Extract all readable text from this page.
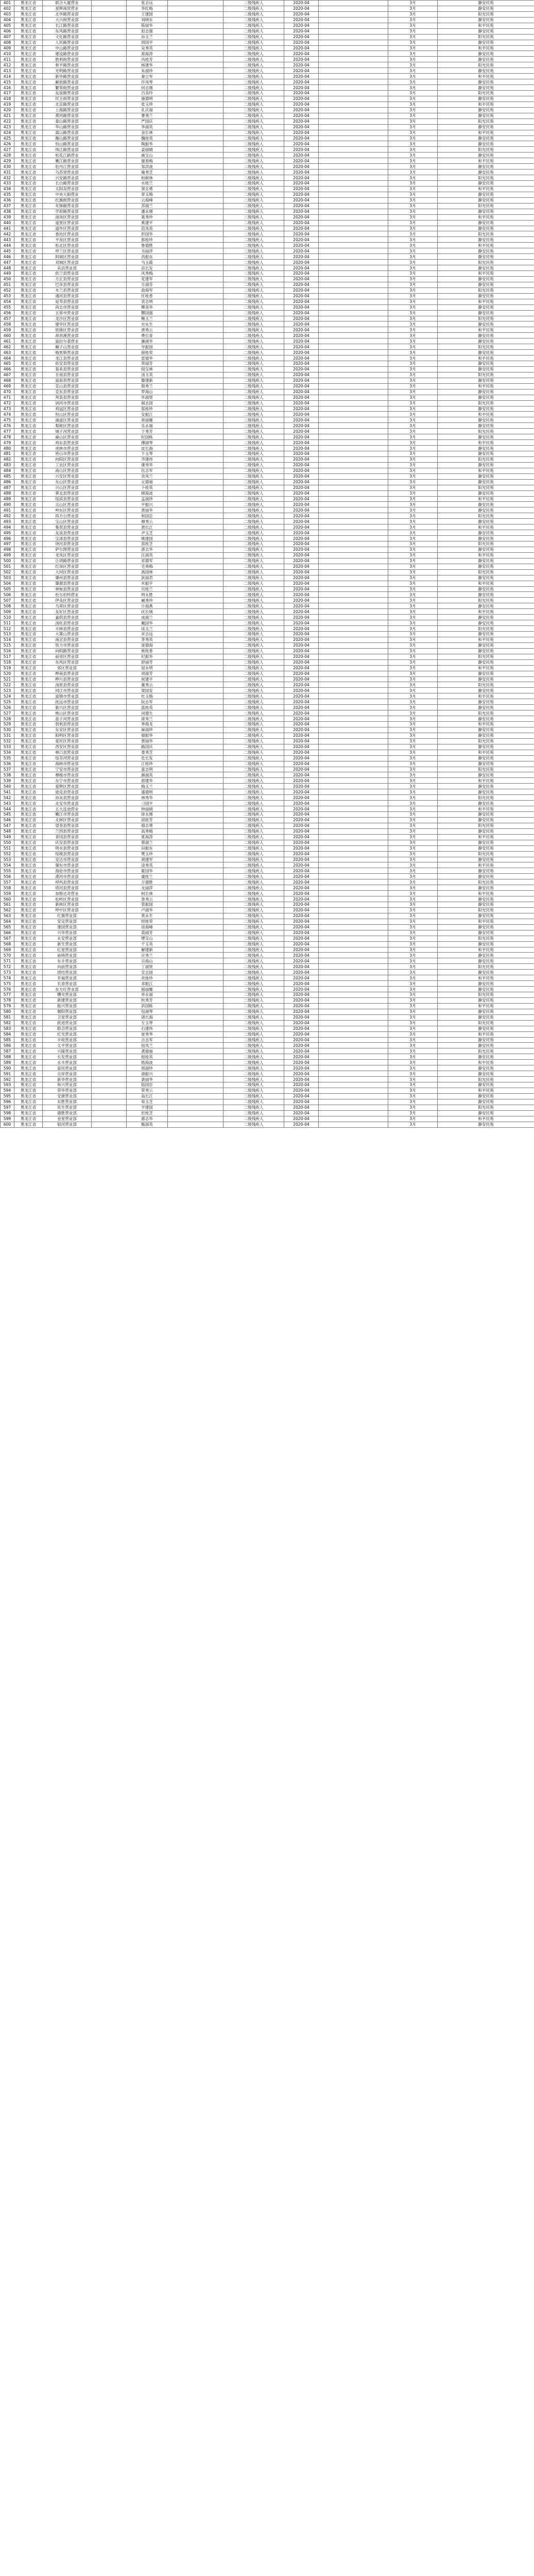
401	黑龙江省	联合大厦营业		张志远		二级残疾人	2020-04		3月	静安民苑
402	黑龙江省	星辉商贸营业		李红梅		二级残疾人	2020-04		3月	静安民苑
403	黑龙江省	北华路营业部		王建国		二级残疾人	2020-04		3月	阳光民苑
404	黑龙江省	大兴街营业部		刘晓东		二级残疾人	2020-04		3月	静安民苑
405	黑龙江省	长江路营业部		陈丽华		二级残疾人	2020-04		3月	和平民苑
406	黑龙江省	东风路营业部		赵志强		二级残疾人	2020-04		3月	静安民苑
407	黑龙江省	文化路营业部		孙玉兰		二级残疾人	2020-04		3月	阳光民苑
408	黑龙江省	人民路营业部		周国平		二级残疾人	2020-04		3月	静安民苑
409	黑龙江省	中山路营业部		吴秀英		二级残疾人	2020-04		3月	和平民苑
410	黑龙江省	建设路营业部		郑海涛		二级残疾人	2020-04		3月	静安民苑
411	黑龙江省	胜利街营业部		冯桂芳		二级残疾人	2020-04		3月	静安民苑
412	黑龙江省	和平路营业部		杨建华		二级残疾人	2020-04		3月	阳光民苑
413	黑龙江省	光明路营业部		朱淑珍		二级残疾人	2020-04		3月	静安民苑
414	黑龙江省	新华路营业部		秦立军		二级残疾人	2020-04		3月	和平民苑
415	黑龙江省	解放路营业部		许凤琴		二级残疾人	2020-04		3月	静安民苑
416	黑龙江省	繁荣街营业部		何志刚		二级残疾人	2020-04		3月	静安民苑
417	黑龙江省	友谊路营业部		吕美玲		二级残疾人	2020-04		3月	阳光民苑
418	黑龙江省	民主街营业部		施德明		二级残疾人	2020-04		3月	静安民苑
419	黑龙江省	北京路营业部		张玉珍		二级残疾人	2020-04		3月	和平民苑
420	黑龙江省	上海路营业部		孔庆福		二级残疾人	2020-04		3月	静安民苑
421	黑龙江省	黄河路营业部		曹秀兰		二级残疾人	2020-04		3月	静安民苑
422	黑龙江省	泰山路营业部		严国庆		二级残疾人	2020-04		3月	阳光民苑
423	黑龙江省	华山路营业部		华淑英		二级残疾人	2020-04		3月	静安民苑
424	黑龙江省	嵩山路营业部		金长林		二级残疾人	2020-04		3月	和平民苑
425	黑龙江省	衡山路营业部		魏桂英		二级残疾人	2020-04		3月	静安民苑
426	黑龙江省	恒山路营业部		陶振华		二级残疾人	2020-04		3月	静安民苑
427	黑龙江省	珠江路营业部		姜丽娟		二级残疾人	2020-04		3月	阳光民苑
428	黑龙江省	松花江路营业		戚宝山		二级残疾人	2020-04		3月	静安民苑
429	黑龙江省	嫩江路营业部		谢春梅		二级残疾人	2020-04		3月	和平民苑
430	黑龙江省	牡丹江营业部		邹洪波		二级残疾人	2020-04		3月	静安民苑
431	黑龙江省	乌苏里营业部		喻秀芝		二级残疾人	2020-04		3月	静安民苑
432	黑龙江省	兴安路营业部		柏树林		二级残疾人	2020-04		3月	阳光民苑
433	黑龙江省	长白路营业部		水桂兰		二级残疾人	2020-04		3月	静安民苑
434	黑龙江省	太阳岛营业部		窦志勇		二级残疾人	2020-04		3月	和平民苑
435	黑龙江省	中央大街营业		章玉梅		二级残疾人	2020-04		3月	静安民苑
436	黑龙江省	红旗街营业部		云海峰		二级残疾人	2020-04		3月	静安民苑
437	黑龙江省	先锋路营业部		苏淑兰		二级残疾人	2020-04		3月	阳光民苑
438	黑龙江省	学府路营业部		潘永刚		二级残疾人	2020-04		3月	静安民苑
439	黑龙江省	南岗区营业部		葛秀珍		二级残疾人	2020-04		3月	和平民苑
440	黑龙江省	道里区营业部		奚建平		二级残疾人	2020-04		3月	静安民苑
441	黑龙江省	道外区营业部		范凤英		二级残疾人	2020-04		3月	静安民苑
442	黑龙江省	香坊区营业部		彭国华		二级残疾人	2020-04		3月	阳光民苑
443	黑龙江省	平房区营业部		郎桂珍		二级残疾人	2020-04		3月	静安民苑
444	黑龙江省	松北区营业部		鲁德胜		二级残疾人	2020-04		3月	和平民苑
445	黑龙江省	呼兰区营业部		韦丽萍		二级残疾人	2020-04		3月	静安民苑
446	黑龙江省	阿城区营业部		昌振东		二级残疾人	2020-04		3月	静安民苑
447	黑龙江省	双城区营业部		马玉霞		二级残疾人	2020-04		3月	阳光民苑
448	黑龙江省	宾县营业部		苗长发		二级残疾人	2020-04		3月	静安民苑
449	黑龙江省	依兰县营业部		凤秀梅		二级残疾人	2020-04		3月	和平民苑
450	黑龙江省	方正县营业部		花建军		二级残疾人	2020-04		3月	静安民苑
451	黑龙江省	巴彦县营业部		方淑芬		二级残疾人	2020-04		3月	静安民苑
452	黑龙江省	木兰县营业部		俞海军		二级残疾人	2020-04		3月	阳光民苑
453	黑龙江省	通河县营业部		任桂香		二级残疾人	2020-04		3月	静安民苑
454	黑龙江省	延寿县营业部		袁志明		二级残疾人	2020-04		3月	和平民苑
455	黑龙江省	尚志市营业部		柳美华		二级残疾人	2020-04		3月	静安民苑
456	黑龙江省	五常市营业部		酆国强		二级残疾人	2020-04		3月	静安民苑
457	黑龙江省	龙沙区营业部		鲍玉兰		二级残疾人	2020-04		3月	阳光民苑
458	黑龙江省	建华区营业部		史永生		二级残疾人	2020-04		3月	静安民苑
459	黑龙江省	铁锋区营业部		唐秀云		二级残疾人	2020-04		3月	和平民苑
460	黑龙江省	昂昂溪营业部		费长青		二级残疾人	2020-04		3月	静安民苑
461	黑龙江省	富拉尔基营业		廉淑华		二级残疾人	2020-04		3月	静安民苑
462	黑龙江省	碾子山营业部		岑振国		二级残疾人	2020-04		3月	阳光民苑
463	黑龙江省	梅里斯营业部		薛桂荣		二级残疾人	2020-04		3月	静安民苑
464	黑龙江省	龙江县营业部		雷德华		二级残疾人	2020-04		3月	和平民苑
465	黑龙江省	依安县营业部		贺丽芳		二级残疾人	2020-04		3月	静安民苑
466	黑龙江省	泰来县营业部		倪宝林		二级残疾人	2020-04		3月	静安民苑
467	黑龙江省	甘南县营业部		汤玉英		二级残疾人	2020-04		3月	阳光民苑
468	黑龙江省	富裕县营业部		滕建新		二级残疾人	2020-04		3月	静安民苑
469	黑龙江省	克山县营业部		殷秀兰		二级残疾人	2020-04		3月	和平民苑
470	黑龙江省	克东县营业部		罗海山		二级残疾人	2020-04		3月	静安民苑
471	黑龙江省	拜泉县营业部		毕淑贤		二级残疾人	2020-04		3月	静安民苑
472	黑龙江省	讷河市营业部		郝志国		二级残疾人	2020-04		3月	阳光民苑
473	黑龙江省	鸡冠区营业部		邬桂珍		二级残疾人	2020-04		3月	静安民苑
474	黑龙江省	恒山区营业部		安振江		二级残疾人	2020-04		3月	和平民苑
475	黑龙江省	滴道区营业部		常丽娜		二级残疾人	2020-04		3月	静安民苑
476	黑龙江省	梨树区营业部		乐永福		二级残疾人	2020-04		3月	静安民苑
477	黑龙江省	城子河营业部		于秀芳		二级残疾人	2020-04		3月	阳光民苑
478	黑龙江省	麻山区营业部		时国栋		二级残疾人	2020-04		3月	静安民苑
479	黑龙江省	鸡东县营业部		傅淑琴		二级残疾人	2020-04		3月	和平民苑
480	黑龙江省	虎林市营业部		皮长海		二级残疾人	2020-04		3月	静安民苑
481	黑龙江省	密山市营业部		卞玉琴		二级残疾人	2020-04		3月	静安民苑
482	黑龙江省	向阳区营业部		齐建伟		二级残疾人	2020-04		3月	阳光民苑
483	黑龙江省	工农区营业部		康秀华		二级残疾人	2020-04		3月	静安民苑
484	黑龙江省	南山区营业部		伍志军		二级残疾人	2020-04		3月	和平民苑
485	黑龙江省	兴安区营业部		余凤兰		二级残疾人	2020-04		3月	静安民苑
486	黑龙江省	东山区营业部		元德福		二级残疾人	2020-04		3月	静安民苑
487	黑龙江省	兴山区营业部		卜桂英		二级残疾人	2020-04		3月	阳光民苑
488	黑龙江省	萝北县营业部		顾海波		二级残疾人	2020-04		3月	静安民苑
489	黑龙江省	绥滨县营业部		孟淑珍		二级残疾人	2020-04		3月	和平民苑
490	黑龙江省	尖山区营业部		平振兴		二级残疾人	2020-04		3月	静安民苑
491	黑龙江省	岭东区营业部		黄丽华		二级残疾人	2020-04		3月	静安民苑
492	黑龙江省	四方台营业部		和国忠		二级残疾人	2020-04		3月	阳光民苑
493	黑龙江省	宝山区营业部		穆秀云		二级残疾人	2020-04		3月	静安民苑
494	黑龙江省	集贤县营业部		萧长江		二级残疾人	2020-04		3月	和平民苑
495	黑龙江省	友谊县营业部		尹玉芝		二级残疾人	2020-04		3月	静安民苑
496	黑龙江省	宝清县营业部		姚建国		二级残疾人	2020-04		3月	静安民苑
497	黑龙江省	饶河县营业部		邵桂芝		二级残疾人	2020-04		3月	阳光民苑
498	黑龙江省	萨尔图营业部		湛志华		二级残疾人	2020-04		3月	静安民苑
499	黑龙江省	龙凤区营业部		汪淑英		二级残疾人	2020-04		3月	和平民苑
500	黑龙江省	让胡路营业部		祁德军		二级残疾人	2020-04		3月	静安民苑
501	黑龙江省	红岗区营业部		毛秀梅		二级残疾人	2020-04		3月	静安民苑
502	黑龙江省	大同区营业部		禹国林		二级残疾人	2020-04		3月	阳光民苑
503	黑龙江省	肇州县营业部		狄丽君		二级残疾人	2020-04		3月	静安民苑
504	黑龙江省	肇源县营业部		米振宇		二级残疾人	2020-04		3月	和平民苑
505	黑龙江省	林甸县营业部		贝桂兰		二级残疾人	2020-04		3月	静安民苑
506	黑龙江省	杜尔伯特营业		明永胜		二级残疾人	2020-04		3月	静安民苑
507	黑龙江省	伊美区营业部		臧秀珍		二级残疾人	2020-04		3月	阳光民苑
508	黑龙江省	乌翠区营业部		计海燕		二级残疾人	2020-04		3月	静安民苑
509	黑龙江省	友好区营业部		伏长城		二级残疾人	2020-04		3月	和平民苑
510	黑龙江省	嘉荫县营业部		成淑兰		二级残疾人	2020-04		3月	静安民苑
511	黑龙江省	汤旺县营业部		戴国华		二级残疾人	2020-04		3月	静安民苑
512	黑龙江省	丰林县营业部		谈玉兰		二级残疾人	2020-04		3月	阳光民苑
513	黑龙江省	大箐山营业部		宋志远		二级残疾人	2020-04		3月	静安民苑
514	黑龙江省	南岔县营业部		茅秀英		二级残疾人	2020-04		3月	和平民苑
515	黑龙江省	铁力市营业部		庞德海		二级残疾人	2020-04		3月	静安民苑
516	黑龙江省	向阳路营业部		熊桂香		二级残疾人	2020-04		3月	静安民苑
517	黑龙江省	前进区营业部		纪振华		二级残疾人	2020-04		3月	阳光民苑
518	黑龙江省	东风区营业部		舒丽芳		二级残疾人	2020-04		3月	静安民苑
519	黑龙江省	郊区营业部		屈永明		二级残疾人	2020-04		3月	和平民苑
520	黑龙江省	桦南县营业部		项淑芳		二级残疾人	2020-04		3月	静安民苑
521	黑龙江省	桦川县营业部		祝建平		二级残疾人	2020-04		3月	静安民苑
522	黑龙江省	汤原县营业部		董秀云		二级残疾人	2020-04		3月	阳光民苑
523	黑龙江省	同江市营业部		梁国安		二级残疾人	2020-04		3月	静安民苑
524	黑龙江省	富锦市营业部		杜玉梅		二级残疾人	2020-04		3月	和平民苑
525	黑龙江省	抚远市营业部		阮志军		二级残疾人	2020-04		3月	静安民苑
526	黑龙江省	新兴区营业部		蓝桂英		二级残疾人	2020-04		3月	静安民苑
527	黑龙江省	桃山区营业部		闵德生		二级残疾人	2020-04		3月	阳光民苑
528	黑龙江省	茄子河营业部		席秀兰		二级残疾人	2020-04		3月	静安民苑
529	黑龙江省	勃利县营业部		季海龙		二级残疾人	2020-04		3月	和平民苑
530	黑龙江省	东安区营业部		麻淑珍		二级残疾人	2020-04		3月	静安民苑
531	黑龙江省	阳明区营业部		强振华		二级残疾人	2020-04		3月	静安民苑
532	黑龙江省	爱民区营业部		贾丽华		二级残疾人	2020-04		3月	阳光民苑
533	黑龙江省	西安区营业部		路国庆		二级残疾人	2020-04		3月	静安民苑
534	黑龙江省	林口县营业部		娄秀芝		二级残疾人	2020-04		3月	和平民苑
535	黑龙江省	绥芬河营业部		危长发		二级残疾人	2020-04		3月	静安民苑
536	黑龙江省	海林市营业部		江桂珍		二级残疾人	2020-04		3月	静安民苑
537	黑龙江省	宁安市营业部		童志明		二级残疾人	2020-04		3月	阳光民苑
538	黑龙江省	穆棱市营业部		颜淑英		二级残疾人	2020-04		3月	静安民苑
539	黑龙江省	东宁市营业部		郭建华		二级残疾人	2020-04		3月	和平民苑
540	黑龙江省	爱辉区营业部		梅玉兰		二级残疾人	2020-04		3月	静安民苑
541	黑龙江省	逊克县营业部		盛德明		二级残疾人	2020-04		3月	静安民苑
542	黑龙江省	孙吴县营业部		林秀华		二级残疾人	2020-04		3月	阳光民苑
543	黑龙江省	北安市营业部		刁国平		二级残疾人	2020-04		3月	静安民苑
544	黑龙江省	五大连池营业		钟丽娟		二级残疾人	2020-04		3月	和平民苑
545	黑龙江省	嫩江市营业部		徐永刚		二级残疾人	2020-04		3月	静安民苑
546	黑龙江省	北林区营业部		邱桂芳		二级残疾人	2020-04		3月	静安民苑
547	黑龙江省	望奎县营业部		骆志勇		二级残疾人	2020-04		3月	阳光民苑
548	黑龙江省	兰西县营业部		高秀梅		二级残疾人	2020-04		3月	静安民苑
549	黑龙江省	青冈县营业部		夏海涛		二级残疾人	2020-04		3月	和平民苑
550	黑龙江省	庆安县营业部		蔡淑兰		二级残疾人	2020-04		3月	静安民苑
551	黑龙江省	明水县营业部		田振东		二级残疾人	2020-04		3月	静安民苑
552	黑龙江省	绥棱县营业部		樊玉珍		二级残疾人	2020-04		3月	阳光民苑
553	黑龙江省	安达市营业部		胡建军		二级残疾人	2020-04		3月	静安民苑
554	黑龙江省	肇东市营业部		凌秀英		二级残疾人	2020-04		3月	和平民苑
555	黑龙江省	海伦市营业部		霍国华		二级残疾人	2020-04		3月	静安民苑
556	黑龙江省	漠河市营业部		虞桂兰		二级残疾人	2020-04		3月	静安民苑
557	黑龙江省	呼玛县营业部		万德胜		二级残疾人	2020-04		3月	阳光民苑
558	黑龙江省	塔河县营业部		支丽萍		二级残疾人	2020-04		3月	静安民苑
559	黑龙江省	加格达奇营业		柯长林		二级残疾人	2020-04		3月	和平民苑
560	黑龙江省	松岭区营业部		昝秀云		二级残疾人	2020-04		3月	静安民苑
561	黑龙江省	新林区营业部		管振国		二级残疾人	2020-04		3月	静安民苑
562	黑龙江省	呼中区营业部		卢淑华		二级残疾人	2020-04		3月	阳光民苑
563	黑龙江省	红旗营业部		莫永生		二级残疾人	2020-04		3月	静安民苑
564	黑龙江省	安定营业部		经桂荣		二级残疾人	2020-04		3月	和平民苑
565	黑龙江省	建国营业部		房海峰		二级残疾人	2020-04		3月	静安民苑
566	黑龙江省	兴华营业部		裘丽芳		二级残疾人	2020-04		3月	静安民苑
567	黑龙江省	永安营业部		缪宝山		二级残疾人	2020-04		3月	阳光民苑
568	黑龙江省	新生营业部		干玉英		二级残疾人	2020-04		3月	静安民苑
569	黑龙江省	红星营业部		解建新		二级残疾人	2020-04		3月	和平民苑
570	黑龙江省	前哨营业部		应秀兰		二级残疾人	2020-04		3月	静安民苑
571	黑龙江省	东升营业部		宗海山		二级残疾人	2020-04		3月	静安民苑
572	黑龙江省	向前营业部		丁淑贤		二级残疾人	2020-04		3月	阳光民苑
573	黑龙江省	团结营业部		宣志国		二级残疾人	2020-04		3月	静安民苑
574	黑龙江省	幸福营业部		贲桂珍		二级残疾人	2020-04		3月	和平民苑
575	黑龙江省	长青营业部		邓振江		二级残疾人	2020-04		3月	静安民苑
576	黑龙江省	东方红营业部		郁丽娜		二级残疾人	2020-04		3月	静安民苑
577	黑龙江省	曙光营业部		单永福		二级残疾人	2020-04		3月	阳光民苑
578	黑龙江省	新建营业部		杭秀芳		二级残疾人	2020-04		3月	静安民苑
579	黑龙江省	振兴营业部		洪国栋		二级残疾人	2020-04		3月	和平民苑
580	黑龙江省	朝阳营业部		包淑琴		二级残疾人	2020-04		3月	静安民苑
581	黑龙江省	卫星营业部		诸长海		二级残疾人	2020-04		3月	静安民苑
582	黑龙江省	跃进营业部		左玉琴		二级残疾人	2020-04		3月	阳光民苑
583	黑龙江省	联合营业部		石建伟		二级残疾人	2020-04		3月	静安民苑
584	黑龙江省	红光营业部		崔秀华		二级残疾人	2020-04		3月	和平民苑
585	黑龙江省	丰收营业部		吉志军		二级残疾人	2020-04		3月	静安民苑
586	黑龙江省	太平营业部		钮凤兰		二级残疾人	2020-04		3月	静安民苑
587	黑龙江省	兴隆营业部		龚德福		二级残疾人	2020-04		3月	阳光民苑
588	黑龙江省	长发营业部		程桂英		二级残疾人	2020-04		3月	静安民苑
589	黑龙江省	永丰营业部		嵇海波		二级残疾人	2020-04		3月	和平民苑
590	黑龙江省	富民营业部		邢淑珍		二级残疾人	2020-04		3月	静安民苑
591	黑龙江省	吉祥营业部		滑振兴		二级残疾人	2020-04		3月	静安民苑
592	黑龙江省	新华营业部		裴丽华		二级残疾人	2020-04		3月	阳光民苑
593	黑龙江省	和兴营业部		陆国忠		二级残疾人	2020-04		3月	静安民苑
594	黑龙江省	荣华营业部		荣秀云		二级残疾人	2020-04		3月	和平民苑
595	黑龙江省	安康营业部		翁长江		二级残疾人	2020-04		3月	静安民苑
596	黑龙江省	东胜营业部		荀玉芝		二级残疾人	2020-04		3月	静安民苑
597	黑龙江省	民生营业部		羊建国		二级残疾人	2020-04		3月	阳光民苑
598	黑龙江省	德胜营业部		於桂芝		二级残疾人	2020-04		3月	静安民苑
599	黑龙江省	金星营业部		惠志华		二级残疾人	2020-04		3月	和平民苑
600	黑龙江省	银河营业部		甄淑英		二级残疾人	2020-04		3月	静安民苑
